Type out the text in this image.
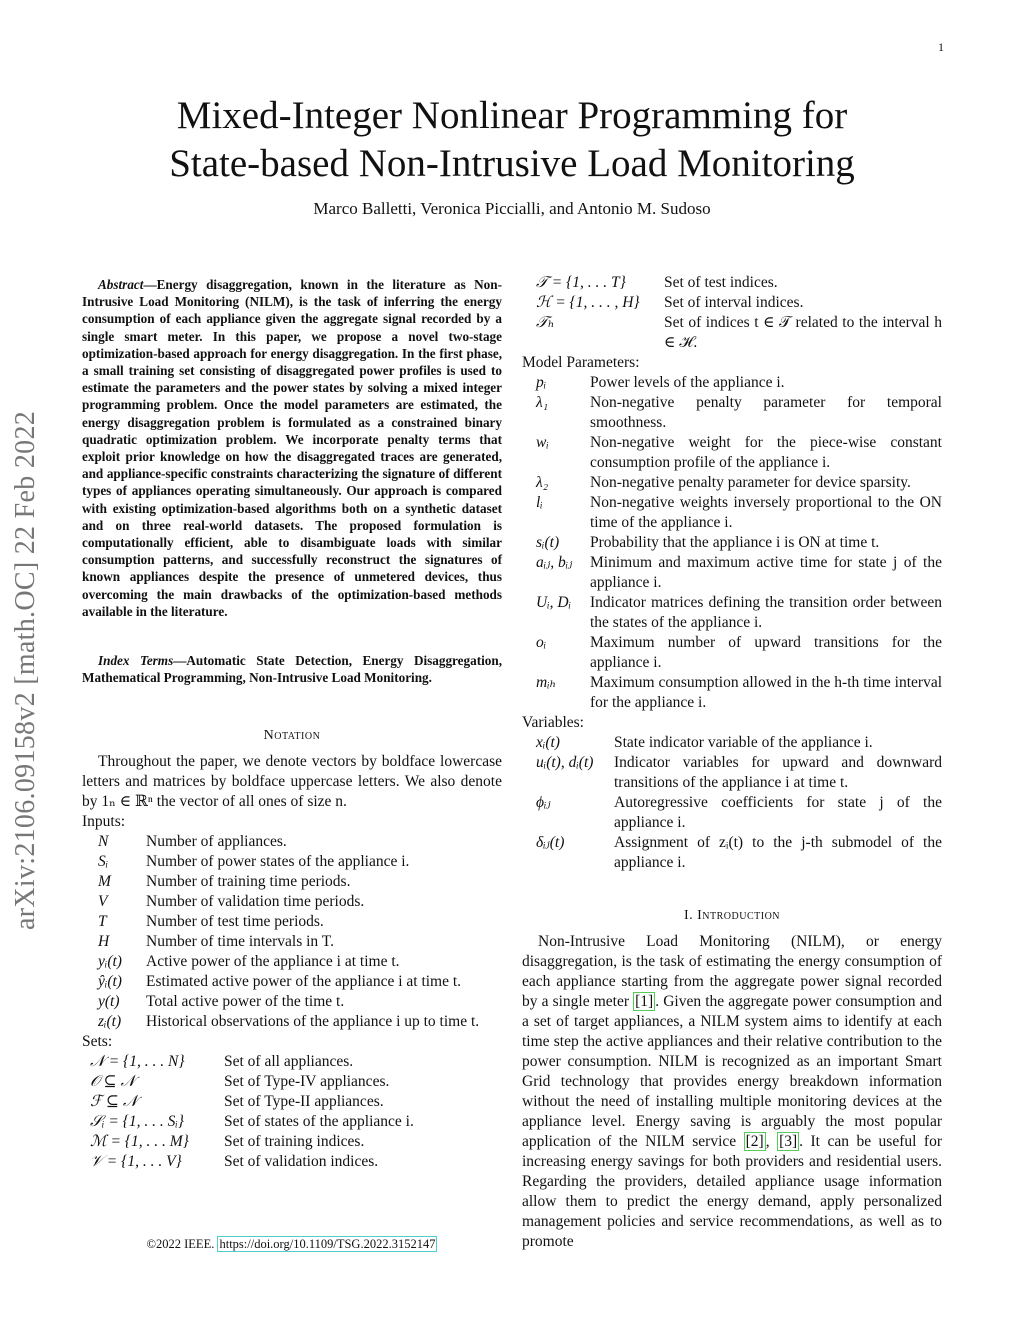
1
arXiv:2106.09158v2 [math.OC] 22 Feb 2022
Mixed-Integer Nonlinear Programming for
State-based Non-Intrusive Load Monitoring
Marco Balletti, Veronica Piccialli, and Antonio M. Sudoso
Abstract—Energy disaggregation, known in the literature as Non-Intrusive Load Monitoring (NILM), is the task of inferring the energy consumption of each appliance given the aggregate signal recorded by a single smart meter. In this paper, we propose a novel two-stage optimization-based approach for energy disaggregation. In the first phase, a small training set consisting of disaggregated power profiles is used to estimate the parameters and the power states by solving a mixed integer programming problem. Once the model parameters are estimated, the energy disaggregation problem is formulated as a constrained binary quadratic optimization problem. We incorporate penalty terms that exploit prior knowledge on how the disaggregated traces are generated, and appliance-specific constraints characterizing the signature of different types of appliances operating simultaneously. Our approach is compared with existing optimization-based algorithms both on a synthetic dataset and on three real-world datasets. The proposed formulation is computationally efficient, able to disambiguate loads with similar consumption patterns, and successfully reconstruct the signatures of known appliances despite the presence of unmetered devices, thus overcoming the main drawbacks of the optimization-based methods available in the literature.
Index Terms—Automatic State Detection, Energy Disaggregation, Mathematical Programming, Non-Intrusive Load Monitoring.
Notation
Throughout the paper, we denote vectors by boldface lowercase letters and matrices by boldface uppercase letters. We also denote by 1ₙ ∈ ℝⁿ the vector of all ones of size n.
Inputs:
N	Number of appliances.
Sᵢ	Number of power states of the appliance i.
M	Number of training time periods.
V	Number of validation time periods.
T	Number of test time periods.
H	Number of time intervals in T.
yᵢ(t)	Active power of the appliance i at time t.
ŷᵢ(t)	Estimated active power of the appliance i at time t.
y(t)	Total active power of the time t.
zᵢ(t)	Historical observations of the appliance i up to time t.
Sets:
𝒩 = {1, . . . N}	Set of all appliances.
𝒪 ⊆ 𝒩	Set of Type-IV appliances.
ℱ ⊆ 𝒩	Set of Type-II appliances.
𝒮ᵢ = {1, . . . Sᵢ}	Set of states of the appliance i.
ℳ = {1, . . . M}	Set of training indices.
𝒱 = {1, . . . V}	Set of validation indices.
©2022 IEEE. https://doi.org/10.1109/TSG.2022.3152147
𝒯 = {1, . . . T}	Set of test indices.
ℋ = {1, . . . , H}	Set of interval indices.
𝒯ₕ	Set of indices t ∈ 𝒯 related to the interval h ∈ ℋ.
Model Parameters:
pᵢ	Power levels of the appliance i.
λ₁	Non-negative penalty parameter for temporal smoothness.
wᵢ	Non-negative weight for the piece-wise constant consumption profile of the appliance i.
λ₂	Non-negative penalty parameter for device sparsity.
lᵢ	Non-negative weights inversely proportional to the ON time of the appliance i.
sᵢ(t)	Probability that the appliance i is ON at time t.
aᵢⱼ, bᵢⱼ	Minimum and maximum active time for state j of the appliance i.
Uᵢ, Dᵢ	Indicator matrices defining the transition order between the states of the appliance i.
oᵢ	Maximum number of upward transitions for the appliance i.
mᵢₕ	Maximum consumption allowed in the h-th time interval for the appliance i.
Variables:
xᵢ(t)	State indicator variable of the appliance i.
uᵢ(t), dᵢ(t)	Indicator variables for upward and downward transitions of the appliance i at time t.
ϕᵢⱼ	Autoregressive coefficients for state j of the appliance i.
δᵢⱼ(t)	Assignment of zᵢ(t) to the j-th submodel of the appliance i.
I. Introduction
Non-Intrusive Load Monitoring (NILM), or energy disaggregation, is the task of estimating the energy consumption of each appliance starting from the aggregate power signal recorded by a single meter [1] . Given the aggregate power consumption and a set of target appliances, a NILM system aims to identify at each time step the active appliances and their relative contribution to the power consumption. NILM is recognized as an important Smart Grid technology that provides energy breakdown information without the need of installing multiple monitoring devices at the appliance level. Energy saving is arguably the most popular application of the NILM service [2] , [3] . It can be useful for increasing energy savings for both providers and residential users. Regarding the providers, detailed appliance usage information allow them to predict the energy demand, apply personalized management policies and service recommendations, as well as to promote
